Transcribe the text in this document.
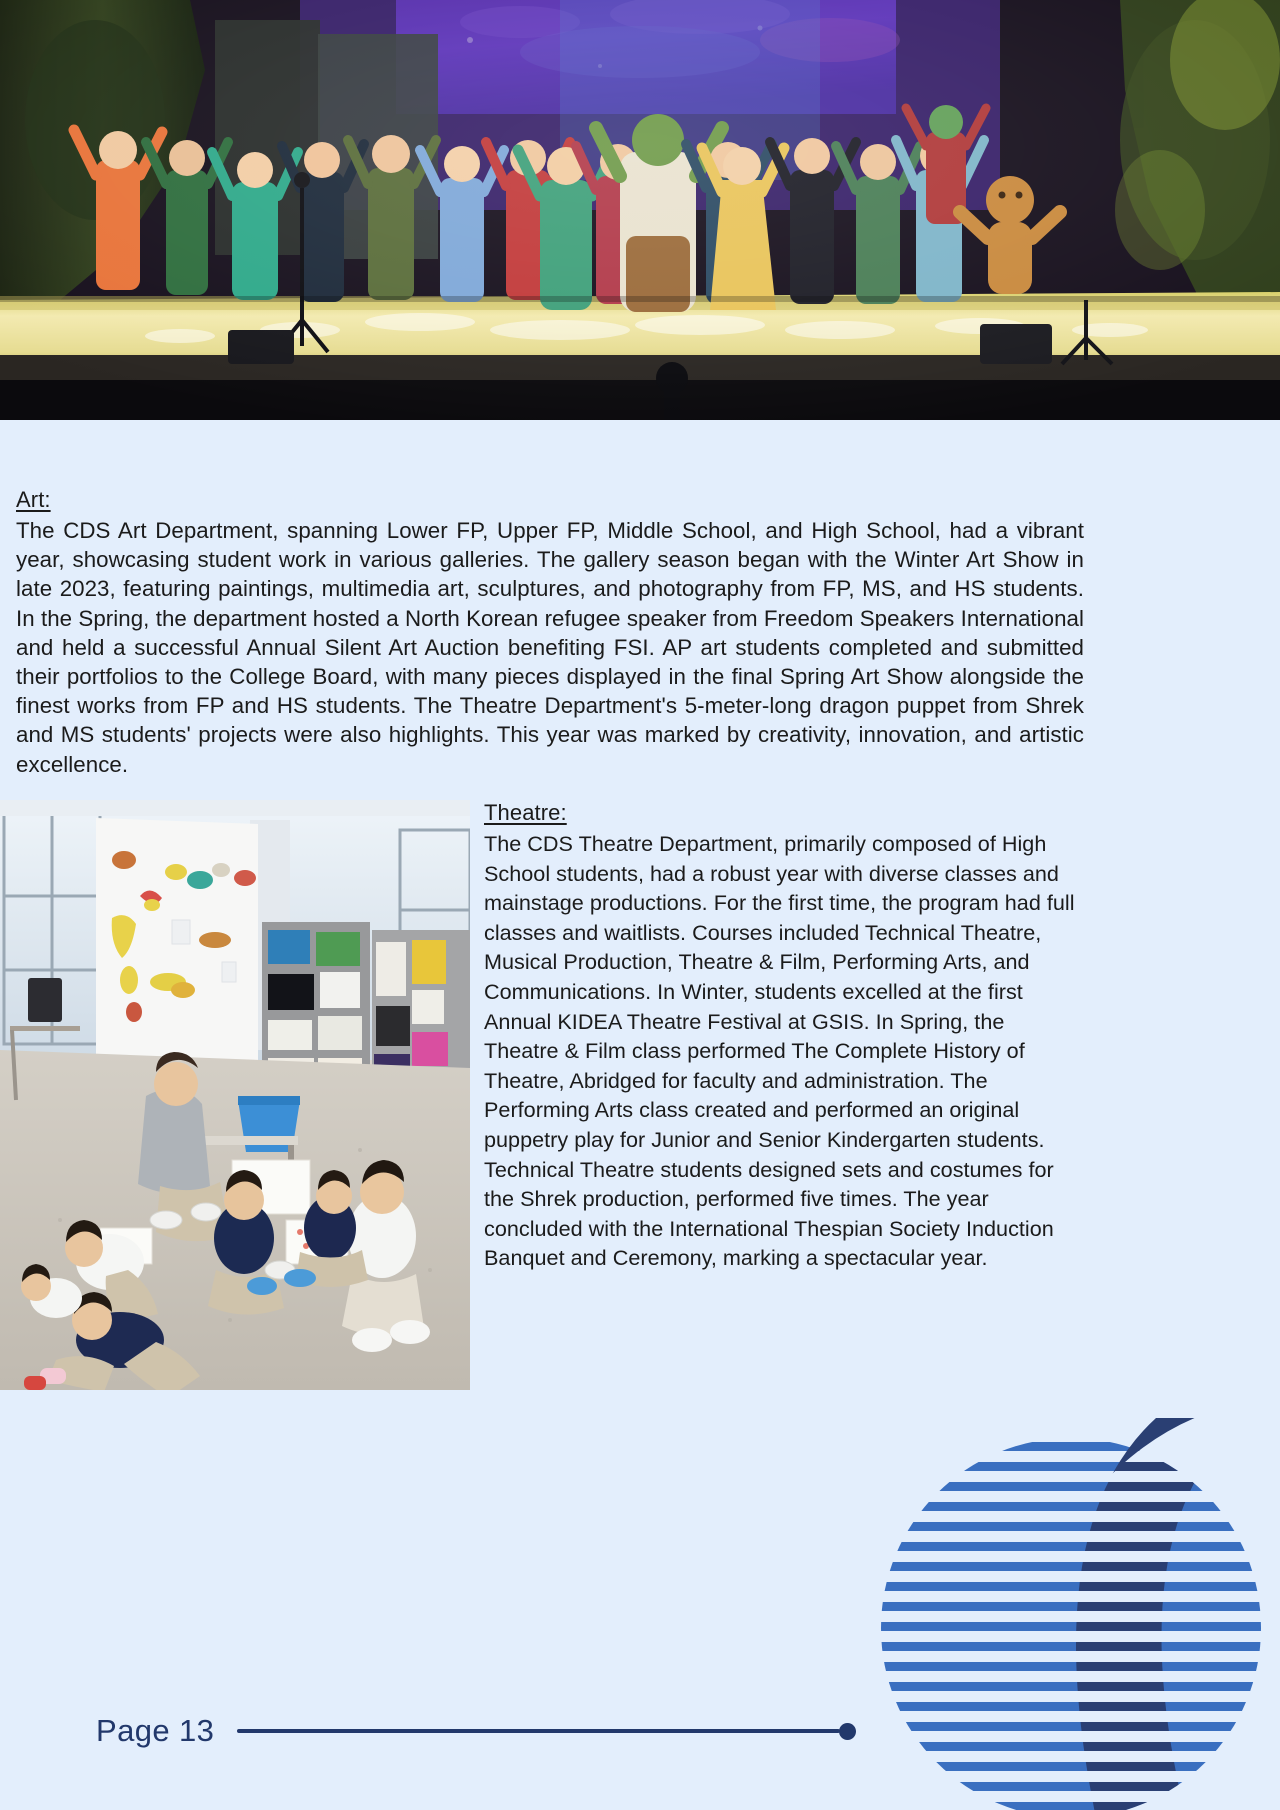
Art:
The CDS Art Department, spanning Lower FP, Upper FP, Middle School, and High School, had a vibrant year, showcasing student work in various galleries. The gallery season began with the Winter Art Show in late 2023, featuring paintings, multimedia art, sculptures, and photography from FP, MS, and HS students. In the Spring, the department hosted a North Korean refugee speaker from Freedom Speakers International and held a successful Annual Silent Art Auction benefiting FSI. AP art students completed and submitted their portfolios to the College Board, with many pieces displayed in the final Spring Art Show alongside the finest works from FP and HS students. The Theatre Department's 5-meter-long dragon puppet from Shrek and MS students' projects were also highlights. This year was marked by creativity, innovation, and artistic excellence.
Theatre:
The CDS Theatre Department, primarily composed of High School students, had a robust year with diverse classes and mainstage productions. For the first time, the program had full classes and waitlists. Courses included Technical Theatre, Musical Production, Theatre & Film, Performing Arts, and Communications. In Winter, students excelled at the first Annual KIDEA Theatre Festival at GSIS. In Spring, the Theatre & Film class performed The Complete History of Theatre, Abridged for faculty and administration. The Performing Arts class created and performed an original puppetry play for Junior and Senior Kindergarten students. Technical Theatre students designed sets and costumes for the Shrek production, performed five times. The year concluded with the International Thespian Society Induction Banquet and Ceremony, marking a spectacular year.
Page 13
